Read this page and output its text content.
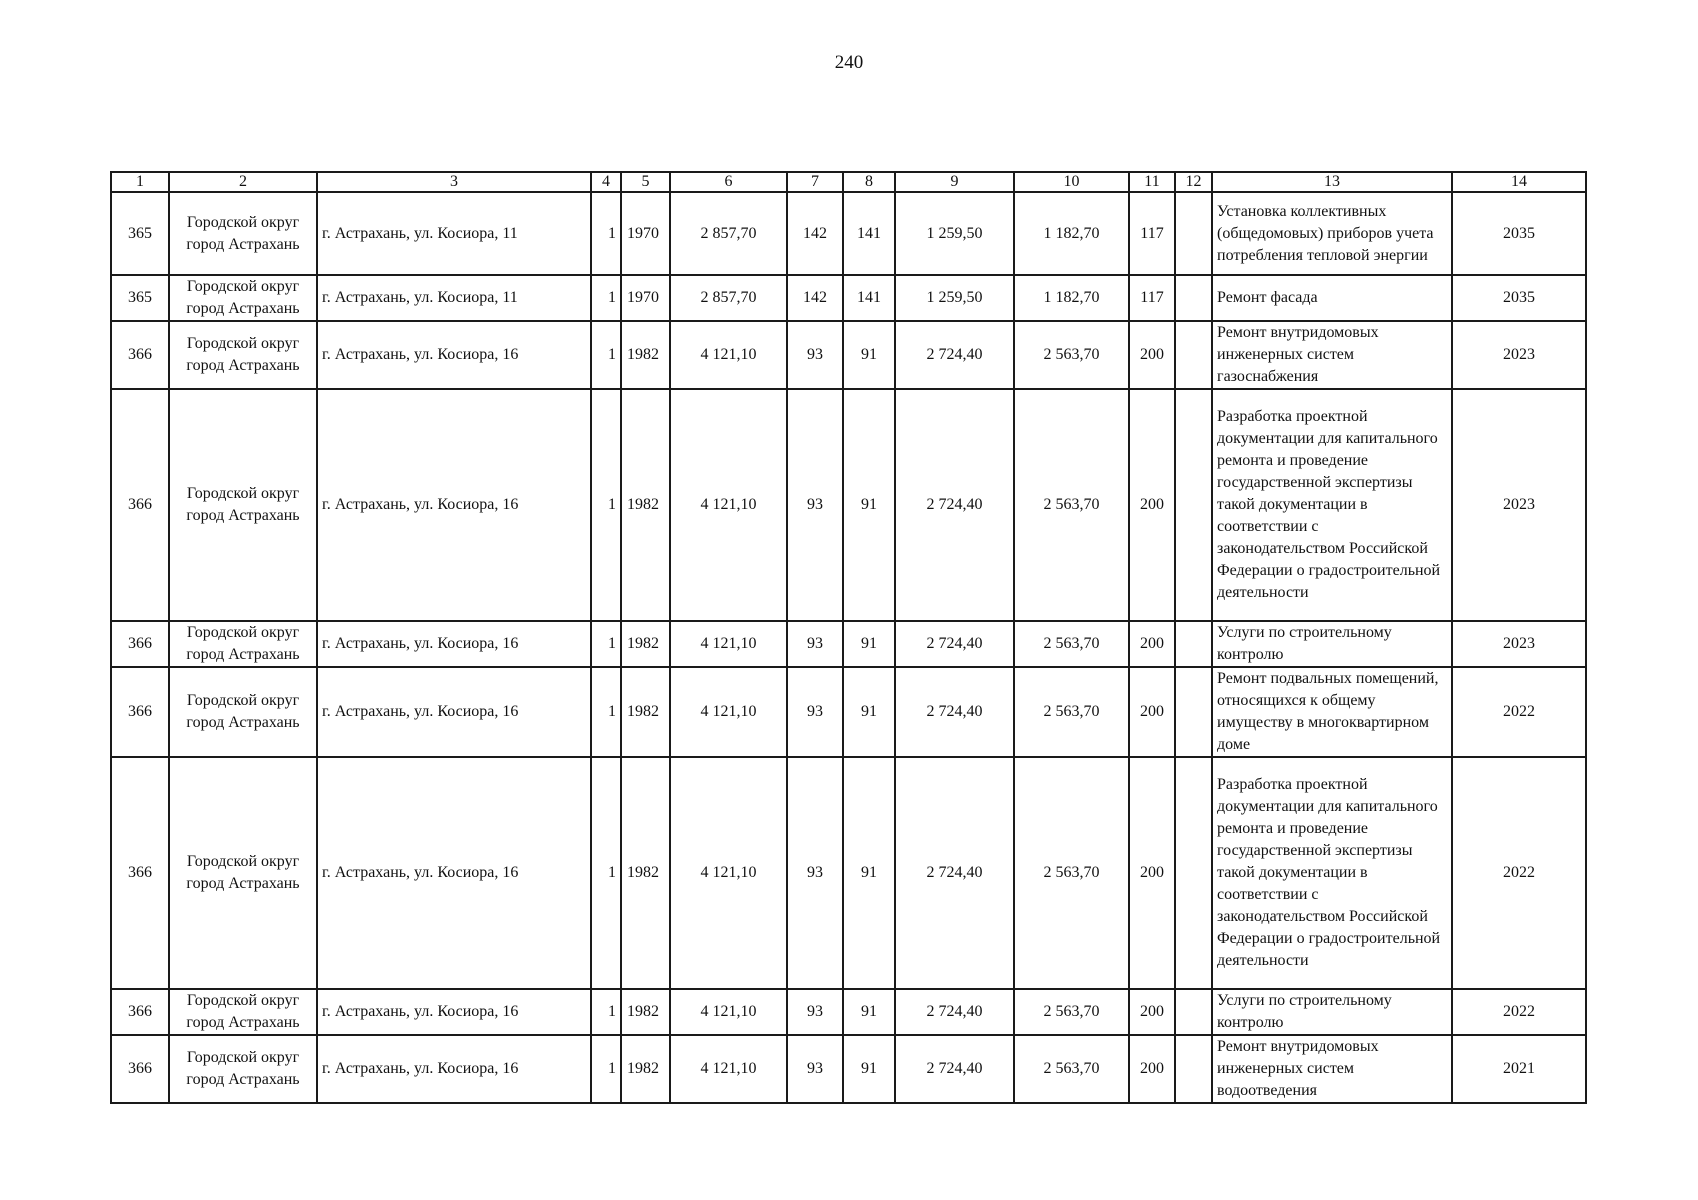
240
1	2	3	4	5	6	7	8	9	10	11	12	13	14
365	Городской округ город Астрахань	г. Астрахань, ул. Косиора, 11	1	1970	2 857,70	142	141	1 259,50	1 182,70	117		Установка коллективных (общедомовых) приборов учета потребления тепловой энергии	2035
365	Городской округ город Астрахань	г. Астрахань, ул. Косиора, 11	1	1970	2 857,70	142	141	1 259,50	1 182,70	117		Ремонт фасада	2035
366	Городской округ город Астрахань	г. Астрахань, ул. Косиора, 16	1	1982	4 121,10	93	91	2 724,40	2 563,70	200		Ремонт внутридомовых инженерных систем газоснабжения	2023
366	Городской округ город Астрахань	г. Астрахань, ул. Косиора, 16	1	1982	4 121,10	93	91	2 724,40	2 563,70	200		Разработка проектной документации для капитального ремонта и проведение государственной экспертизы такой документации в соответствии с законодательством Российской Федерации о градостроительной деятельности	2023
366	Городской округ город Астрахань	г. Астрахань, ул. Косиора, 16	1	1982	4 121,10	93	91	2 724,40	2 563,70	200		Услуги по строительному контролю	2023
366	Городской округ город Астрахань	г. Астрахань, ул. Косиора, 16	1	1982	4 121,10	93	91	2 724,40	2 563,70	200		Ремонт подвальных помещений, относящихся к общему имуществу в многоквартирном доме	2022
366	Городской округ город Астрахань	г. Астрахань, ул. Косиора, 16	1	1982	4 121,10	93	91	2 724,40	2 563,70	200		Разработка проектной документации для капитального ремонта и проведение государственной экспертизы такой документации в соответствии с законодательством Российской Федерации о градостроительной деятельности	2022
366	Городской округ город Астрахань	г. Астрахань, ул. Косиора, 16	1	1982	4 121,10	93	91	2 724,40	2 563,70	200		Услуги по строительному контролю	2022
366	Городской округ город Астрахань	г. Астрахань, ул. Косиора, 16	1	1982	4 121,10	93	91	2 724,40	2 563,70	200		Ремонт внутридомовых инженерных систем водоотведения	2021
